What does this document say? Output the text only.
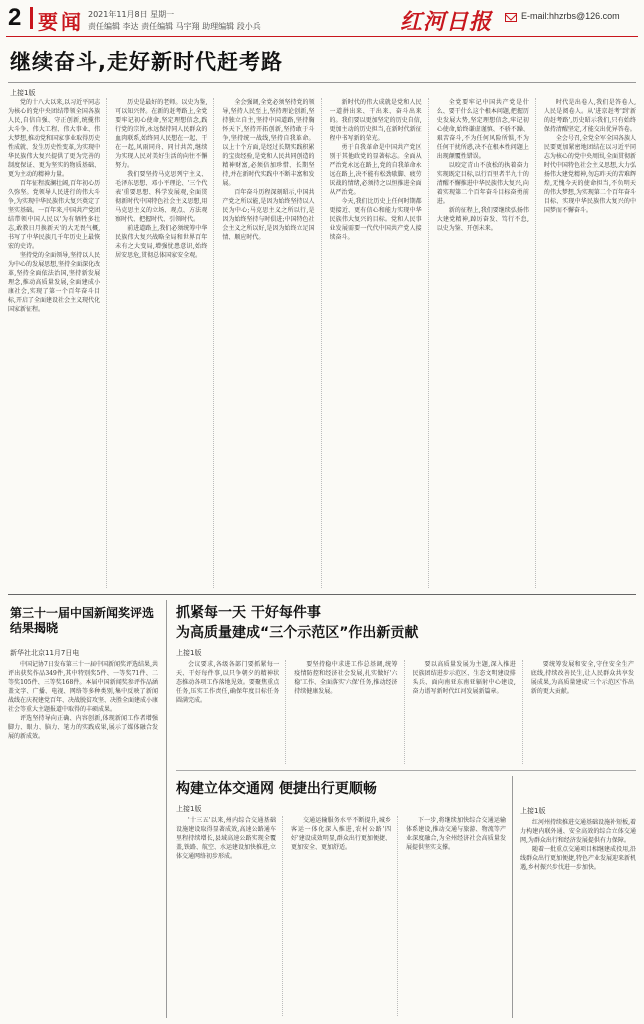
2 要闻 2021年11月8日 星期一
责任编辑 李达 责任编辑 马宇翔 助理编辑 段小兵	红河日报	E-mail:hhzrbs@126.com
继续奋斗,走好新时代赶考路
上接1版

党的十八大以来,以习近平同志为核心的党中央团结带领全国各族人民,自信自强、守正创新,统揽伟大斗争、伟大工程、伟大事业、伟大梦想,推动党和国家事业取得历史性成就、发生历史性变革,为实现中华民族伟大复兴提供了更为完善的制度保证、更为坚实的物质基础、更为主动的精神力量。

百年征程波澜壮阔,百年初心历久弥坚。党领导人民进行的伟大斗争,为实现中华民族伟大复兴奠定了坚实基础。一百年来,中国共产党团结带领中国人民以'为有牺牲多壮志,敢教日月换新天'的大无畏气概,书写了中华民族几千年历史上最恢宏的史诗。

坚持党的全面领导,坚持以人民为中心的发展思想,坚持全面深化改革,坚持全面依法治国,坚持新发展理念,推动高质量发展,全面建成小康社会,实现了第一个百年奋斗目标,开启了全面建设社会主义现代化国家新征程。

历史是最好的老师。以史为鉴,可以知兴替。在新的赶考路上,全党要牢记初心使命,坚定理想信念,践行党的宗旨,永远保持同人民群众的血肉联系,始终同人民想在一起、干在一起,风雨同舟、同甘共苦,继续为实现人民对美好生活的向往不懈努力。

我们要坚持马克思列宁主义、毛泽东思想、邓小平理论、'三个代表'重要思想、科学发展观,全面贯彻新时代中国特色社会主义思想,用马克思主义的立场、观点、方法观察时代、把握时代、引领时代。

前进道路上,我们必须统筹中华民族伟大复兴战略全局和世界百年未有之大变局,增强忧患意识,始终居安思危,贯彻总体国家安全观。

全会强调,全党必须坚持党的领导,坚持人民至上,坚持理论创新,坚持独立自主,坚持中国道路,坚持胸怀天下,坚持开拓创新,坚持敢于斗争,坚持统一战线,坚持自我革命。以上十个方面,是经过长期实践积累的宝贵经验,是党和人民共同创造的精神财富,必须倍加珍惜、长期坚持,并在新时代实践中不断丰富和发展。

百年奋斗历程深刻昭示,中国共产党之所以能,是因为始终坚持以人民为中心;马克思主义之所以行,是因为始终坚持与时俱进;中国特色社会主义之所以好,是因为始终立足国情、顺应时代。

新时代的伟大成就是党和人民一道拼出来、干出来、奋斗出来的。我们要以更加坚定的历史自信,更加主动的历史担当,在新时代新征程中书写新的荣光。

勇于自我革命是中国共产党区别于其他政党的显著标志。全面从严治党永远在路上,党的自我革命永远在路上,决不能有松劲歇脚、疲劳厌战的情绪,必须持之以恒推进全面从严治党。

今天,我们比历史上任何时期都更接近、更有信心和能力实现中华民族伟大复兴的目标。党和人民事业发展需要一代代中国共产党人接续奋斗。

全党要牢记中国共产党是什么、要干什么这个根本问题,把握历史发展大势,坚定理想信念,牢记初心使命,始终谦虚谨慎、不骄不躁、艰苦奋斗,不为任何风险所惧,不为任何干扰所惑,决不在根本性问题上出现颠覆性错误。

以咬定青山不放松的执着奋力实现既定目标,以行百里者半九十的清醒不懈推进中华民族伟大复兴,向着实现第二个百年奋斗目标奋勇前进。

新的征程上,我们要继续弘扬伟大建党精神,踔厉奋发、笃行不怠,以史为鉴、开创未来。

时代是出卷人,我们是答卷人,人民是阅卷人。从'进京赶考'到'新的赶考路',历史昭示我们,只有始终保持清醒坚定,才能交出优异答卷。

全会号召,全党全军全国各族人民要更加紧密地团结在以习近平同志为核心的党中央周围,全面贯彻新时代中国特色社会主义思想,大力弘扬伟大建党精神,勿忘昨天的苦难辉煌,无愧今天的使命担当,不负明天的伟大梦想,为实现第二个百年奋斗目标、实现中华民族伟大复兴的中国梦而不懈奋斗。

第三十一届中国新闻奖评选结果揭晓
新华社北京11月7日电

中国记协7日发布第三十一届中国新闻奖评选结果,共评出获奖作品349件,其中特别奖5件、一等奖71件、二等奖105件、三等奖168件。本届中国新闻奖参评作品涵盖文字、广播、电视、网络等多种类别,集中反映了新闻战线在庆祝建党百年、决战脱贫攻坚、决胜全面建成小康社会等重大主题报道中取得的丰硕成果。

评选坚持导向正确、内容创新,体现新闻工作者增强脚力、眼力、脑力、笔力的实践成果,展示了媒体融合发展的新成效。

抓紧每一天 干好每件事
为高质量建成“三个示范区”作出新贡献
上接1版

会议要求,各级各部门要抓紧每一天、干好每件事,以只争朝夕的精神状态推动各项工作落地见效。要聚焦重点任务,压实工作责任,确保年度目标任务圆满完成。

要坚持稳中求进工作总基调,统筹疫情防控和经济社会发展,扎实做好'六稳'工作、全面落实'六保'任务,推动经济持续健康发展。

要以高质量发展为主题,深入推进民族团结进步示范区、生态文明建设排头兵、面向南亚东南亚辐射中心建设,奋力谱写新时代红河发展新篇章。

要统筹发展和安全,守住安全生产底线,持续改善民生,让人民群众共享发展成果,为高质量建成'三个示范区'作出新的更大贡献。

构建立体交通网 便捷出行更顺畅
上接1版

'十三五'以来,州内综合交通基础设施建设取得显著成效,高速公路通车里程持续增长,县域高速公路实现全覆盖,铁路、航空、水运建设加快推进,立体交通网络初步形成。

交通运输服务水平不断提升,城乡客运一体化深入推进,农村公路'四好'建设成效明显,群众出行更加便捷、更加安全、更加舒适。

下一步,将继续加快综合交通运输体系建设,推动交通与旅游、物流等产业深度融合,为全州经济社会高质量发展提供坚实支撑。

上接1版

红河州持续推进交通基础设施补短板,着力构建内联外通、安全高效的综合立体交通网,为群众出行和经济发展提供有力保障。

随着一批重点交通项目相继建成投用,沿线群众出行更加便捷,特色产业发展迎来新机遇,乡村振兴步伐进一步加快。
